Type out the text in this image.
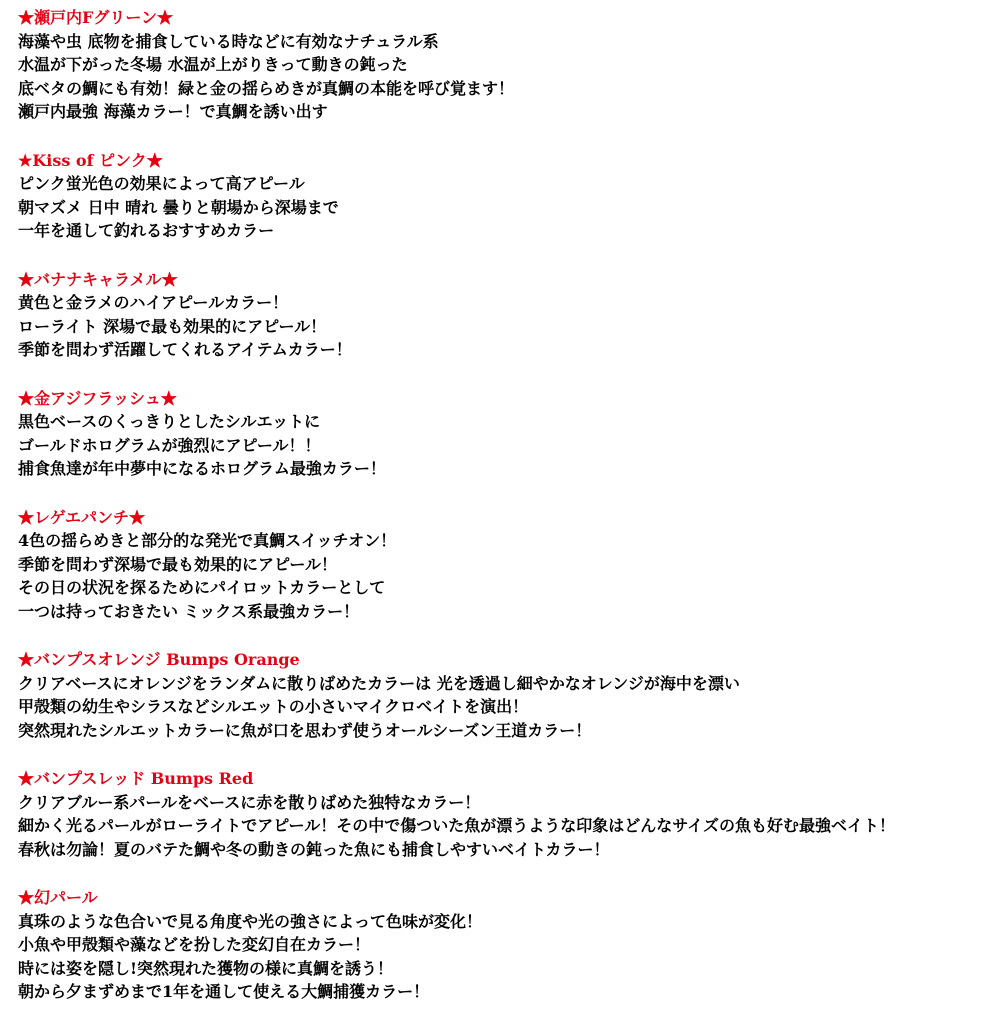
★瀬戸内Fグリーン★
海藻や虫 底物を捕食している時などに有効なナチュラル系
水温が下がった冬場 水温が上がりきって動きの鈍った
底ベタの鯛にも有効！緑と金の揺らめきが真鯛の本能を呼び覚ます！
瀬戸内最強 海藻カラー！で真鯛を誘い出す
★Kiss of ピンク★
ピンク蛍光色の効果によって高アピール
朝マズメ 日中 晴れ 曇りと朝場から深場まで
一年を通して釣れるおすすめカラー
★バナナキャラメル★
黄色と金ラメのハイアピールカラー！
ローライト 深場で最も効果的にアピール！
季節を問わず活躍してくれるアイテムカラー！
★金アジフラッシュ★
黒色ベースのくっきりとしたシルエットに
ゴールドホログラムが強烈にアピール！！
捕食魚達が年中夢中になるホログラム最強カラー！
★レゲエパンチ★
4色の揺らめきと部分的な発光で真鯛スイッチオン！
季節を問わず深場で最も効果的にアピール！
その日の状況を探るためにパイロットカラーとして
一つは持っておきたい ミックス系最強カラー！
★バンプスオレンジ Bumps Orange
クリアベースにオレンジをランダムに散りばめたカラーは 光を透過し細やかなオレンジが海中を漂い
甲殻類の幼生やシラスなどシルエットの小さいマイクロベイトを演出！
突然現れたシルエットカラーに魚が口を思わず使うオールシーズン王道カラー！
★バンプスレッド Bumps Red
クリアブルー系パールをベースに赤を散りばめた独特なカラー！
細かく光るパールがローライトでアピール！その中で傷ついた魚が漂うような印象はどんなサイズの魚も好む最強ベイト！
春秋は勿論！夏のバテた鯛や冬の動きの鈍った魚にも捕食しやすいベイトカラー！
★幻パール
真珠のような色合いで見る角度や光の強さによって色味が変化！
小魚や甲殻類や藻などを扮した変幻自在カラー！
時には姿を隠し!突然現れた獲物の様に真鯛を誘う！
朝から夕まずめまで1年を通して使える大鯛捕獲カラー！
